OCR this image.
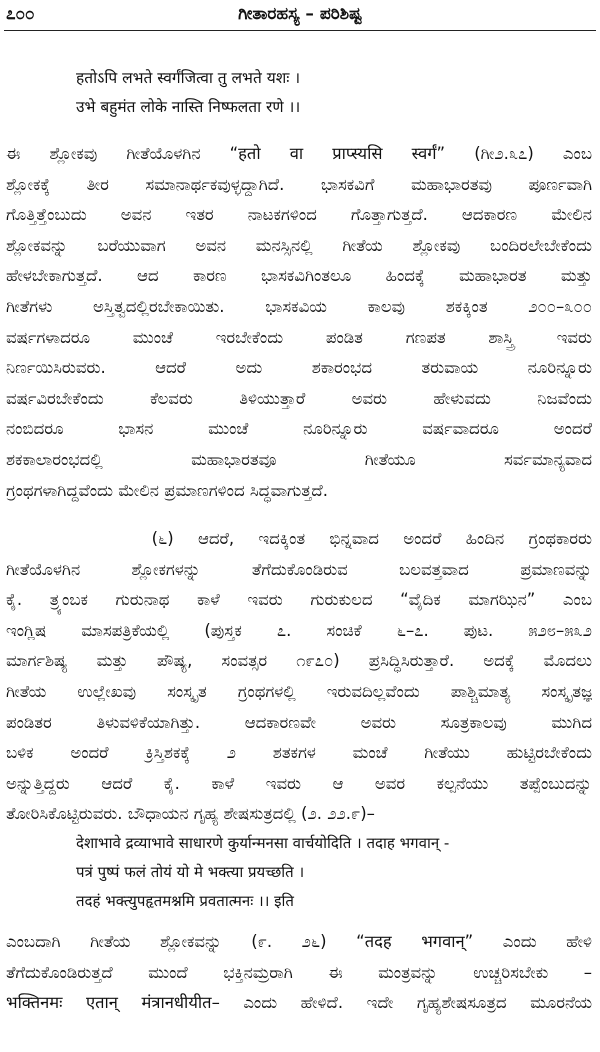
೭೦೦	ಗೀತಾರಹಸ್ಯ – ಪರಿಶಿಷ್ಟ
हतोऽपि लभते स्वर्गंजित्वा तु लभते यशः ।
उभे बहुमंत लोके नास्ति निष्फलता रणे ।।
ಈ ಶ್ಲೋಕವು ಗೀತೆಯೊಳಗಿನ “हतो वा प्राप्स्यसि स्वर्गं” (ಗೀ೨.೩೭) ಎಂಬ
ಶ್ಲೋಕಕ್ಕೆ ತೀರ ಸಮಾನಾರ್ಥಕವುಳ್ಳದ್ದಾಗಿದೆ. ಭಾಸಕವಿಗೆ ಮಹಾಭಾರತವು ಪೂರ್ಣವಾಗಿ
ಗೊತ್ತಿತ್ತೆಂಬುದು ಅವನ ಇತರ ನಾಟಕಗಳಿಂದ ಗೊತ್ತಾಗುತ್ತದೆ. ಆದಕಾರಣ ಮೇಲಿನ
ಶ್ಲೋಕವನ್ನು ಬರೆಯುವಾಗ ಅವನ ಮನಸ್ಸಿನಲ್ಲಿ ಗೀತೆಯ ಶ್ಲೋಕವು ಬಂದಿರಲೇಬೇಕೆಂದು
ಹೇಳಬೇಕಾಗುತ್ತದೆ. ಆದ ಕಾರಣ ಭಾಸಕವಿಗಿಂತಲೂ ಹಿಂದಕ್ಕೆ ಮಹಾಭಾರತ ಮತ್ತು
ಗೀತೆಗಳು ಅಸ್ತಿತ್ವದಲ್ಲಿರಬೇಕಾಯಿತು. ಭಾಸಕವಿಯ ಕಾಲವು ಶಕಕ್ಕಿಂತ ೨೦೦–೩೦೦
ವರ್ಷಗಳಾದರೂ ಮುಂಚೆ ಇರಬೇಕೆಂದು ಪಂಡಿತ ಗಣಪತ ಶಾಸ್ತ್ರಿ ಇವರು
ನಿರ್ಣಯಿಸಿರುವರು. ಆದರೆ ಅದು ಶಕಾರಂಭದ ತರುವಾಯ ನೂರಿನ್ನೂರು
ವರ್ಷವಿರಬೇಕೆಂದು ಕೆಲವರು ತಿಳಿಯುತ್ತಾರೆ ಅವರು ಹೇಳುವದು ನಿಜವೆಂದು
ನಂಬಿದರೂ ಭಾಸನ ಮುಂಚೆ ನೂರಿನ್ನೂರು ವರ್ಷವಾದರೂ ಅಂದರೆ
ಶಕಕಾಲಾರಂಭದಲ್ಲಿ ಮಹಾಭಾರತವೂ ಗೀತೆಯೂ ಸರ್ವಮಾನ್ಯವಾದ
ಗ್ರಂಥಗಳಾಗಿದ್ದವೆಂದು ಮೇಲಿನ ಪ್ರಮಾಣಗಳಿಂದ ಸಿದ್ಧವಾಗುತ್ತದೆ.
(೬) ಆದರೆ, ಇದಕ್ಕಿಂತ ಭಿನ್ನವಾದ ಅಂದರೆ ಹಿಂದಿನ ಗ್ರಂಥಕಾರರು
ಗೀತೆಯೊಳಗಿನ ಶ್ಲೋಕಗಳನ್ನು ತೆಗೆದುಕೊಂಡಿರುವ ಬಲವತ್ತವಾದ ಪ್ರಮಾಣವನ್ನು
ಕೈ. ತ್ರ್ಯಂಬಕ ಗುರುನಾಥ ಕಾಳೆ ಇವರು ಗುರುಕುಲದ “ವೈದಿಕ ಮಾಗಝಿನ” ಎಂಬ
ಇಂಗ್ಲಿಷ ಮಾಸಪತ್ರಿಕೆಯಲ್ಲಿ (ಪುಸ್ತಕ ೭. ಸಂಚಿಕೆ ೬–೭. ಪುಟ. ೫೨೮–೫೩೨
ಮಾರ್ಗಶಿಷ್ಯ ಮತ್ತು ಪೌಷ್ಯ, ಸಂವತ್ಸರ ೧೯೭೦) ಪ್ರಸಿದ್ಧಿಸಿರುತ್ತಾರೆ. ಅದಕ್ಕೆ ಮೊದಲು
ಗೀತೆಯ ಉಲ್ಲೇಖವು ಸಂಸ್ಕೃತ ಗ್ರಂಥಗಳಲ್ಲಿ ಇರುವದಿಲ್ಲವೆಂದು ಪಾಶ್ಚಿಮಾತ್ಯ ಸಂಸ್ಕೃತಜ್ಞ
ಪಂಡಿತರ ತಿಳುವಳಿಕೆಯಾಗಿತ್ತು. ಆದಕಾರಣವೇ ಅವರು ಸೂತ್ರಕಾಲವು ಮುಗಿದ
ಬಳಿಕ ಅಂದರೆ ಕ್ರಿಸ್ತಿಶಕಕ್ಕೆ ೨ ಶತಕಗಳ ಮಂಚೆ ಗೀತೆಯು ಹುಟ್ಟಿರಬೇಕೆಂದು
ಅನ್ನುತ್ತಿದ್ದರು ಆದರೆ ಕೈ. ಕಾಳೆ ಇವರು ಆ ಅವರ ಕಲ್ಪನೆಯು ತಪ್ಪೆಂಬುದನ್ನು
ತೋರಿಸಿಕೊಟ್ಟಿರುವರು. ಬೌಧಾಯನ ಗೃಹ್ಯ ಶೇಷಸುತ್ರದಲ್ಲಿ (೨. ೨೨.೯)–
देशाभावे द्रव्याभावे साधारणे कुर्यान्मनसा वार्चयोदिति । तदाह भगवान् -
पत्रं पुष्पं फलं तोयं यो मे भक्त्या प्रयच्छति ।
तदहं भक्त्युपहृतमश्नमि प्रवतात्मनः ।। इति
ಎಂಬದಾಗಿ ಗೀತೆಯ ಶ್ಲೋಕವನ್ನು (೯. ೨೬) “तदह भगवान्” ಎಂದು ಹೇಳಿ
ತೆಗೆದುಕೊಂಡಿರುತ್ತದೆ ಮುಂದೆ ಭಕ್ತಿನಮ್ರರಾಗಿ ಈ ಮಂತ್ರವನ್ನು ಉಚ್ಚರಿಸಬೇಕು –
भक्तिनमः एतान् मंत्रानधीयीत– ಎಂದು ಹೇಳಿದೆ. ಇದೇ ಗೃಹ್ಯಶೇಷಸೂತ್ರದ ಮೂರನೆಯ
